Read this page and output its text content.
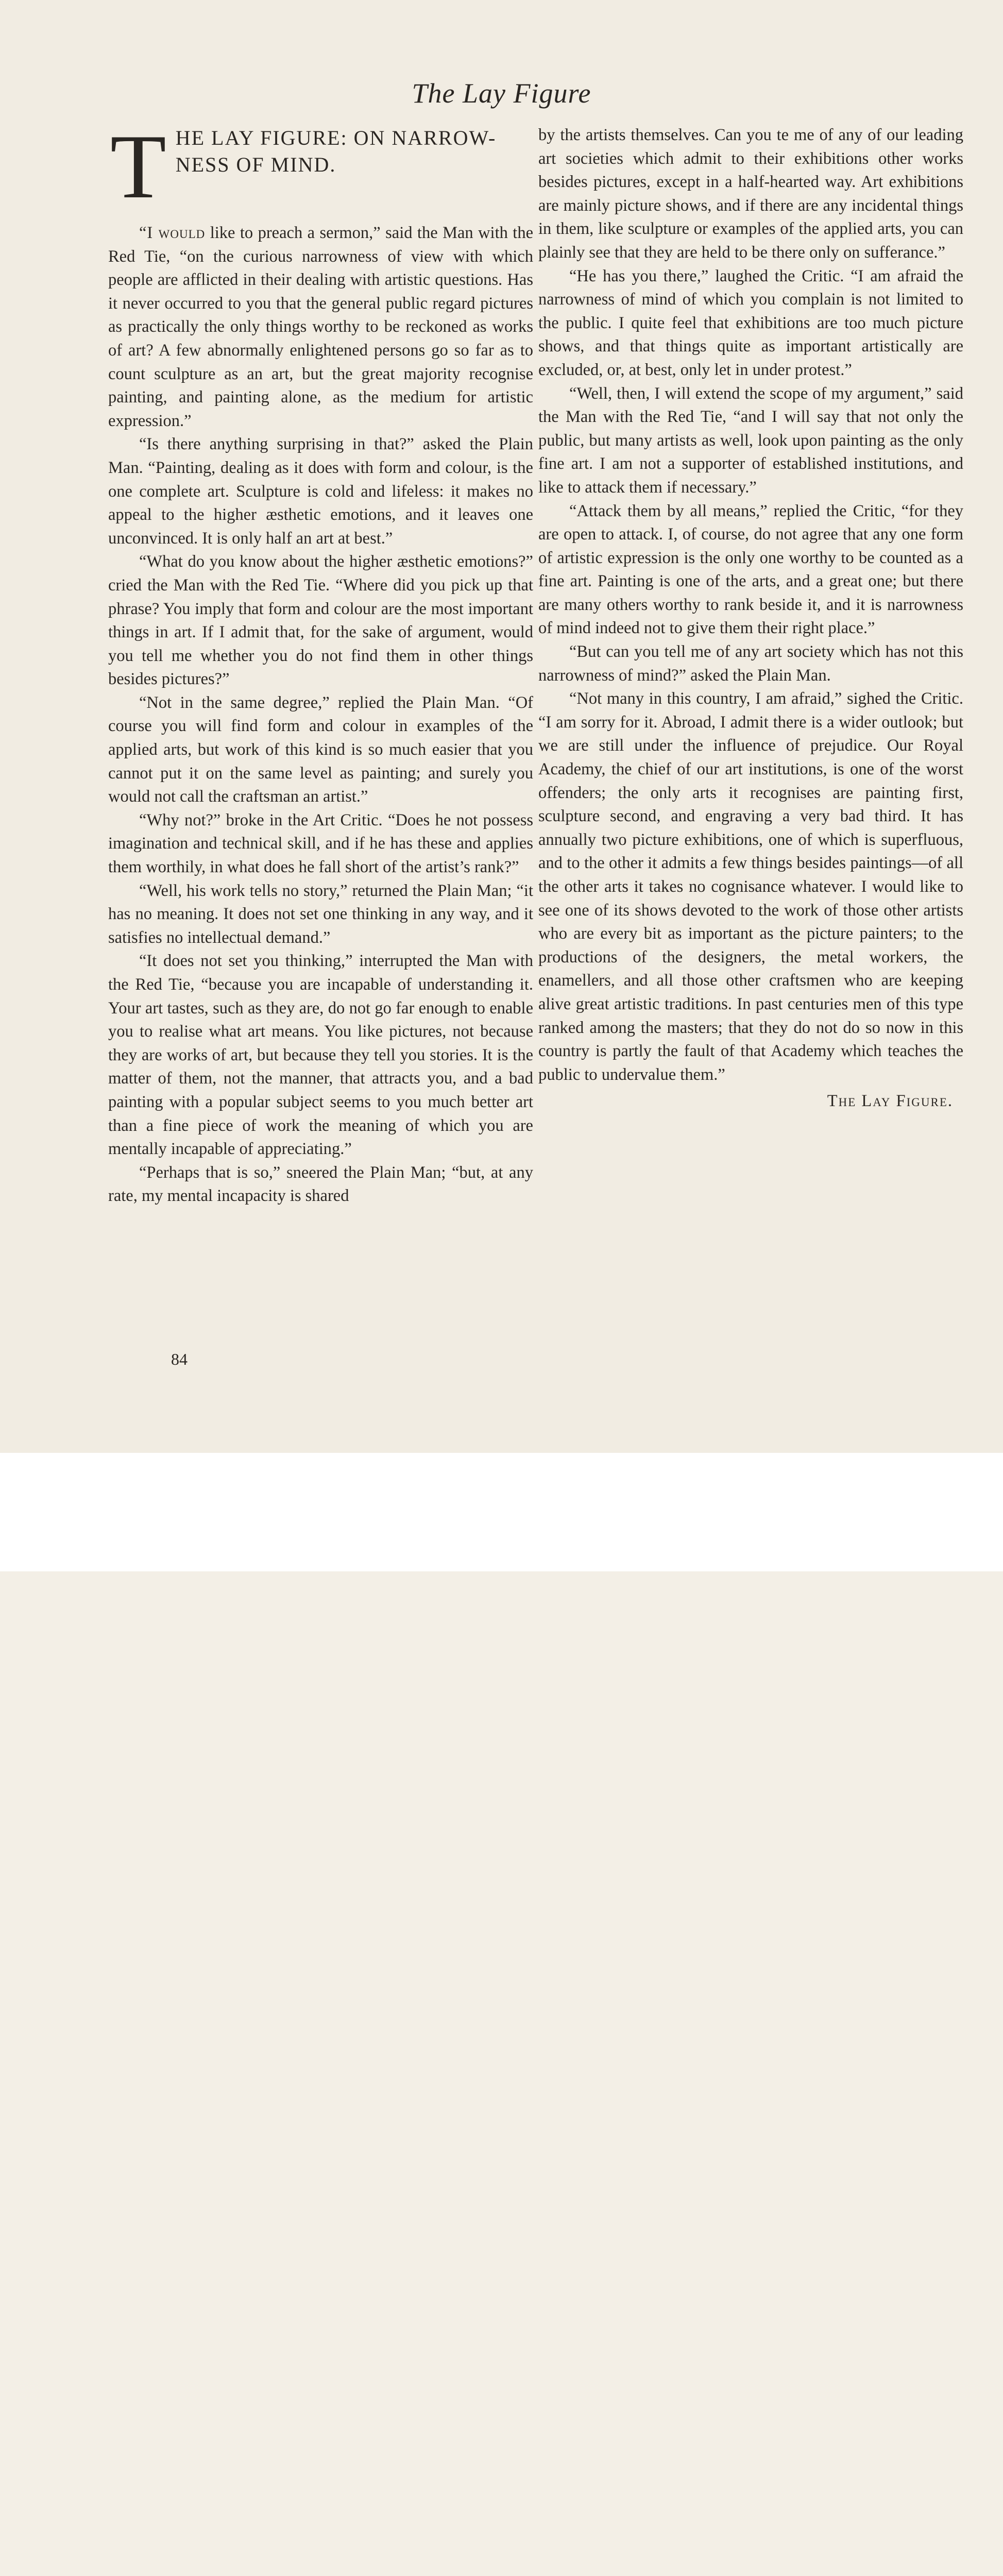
The Lay Figure
T HE LAY FIGURE: ON NARROW-NESS OF MIND.

“I would like to preach a sermon,” said the Man with the Red Tie, “on the curious narrowness of view with which people are afflicted in their dealing with artistic questions. Has it never occurred to you that the general public regard pictures as practically the only things worthy to be reckoned as works of art? A few abnormally enlightened persons go so far as to count sculpture as an art, but the great majority recognise painting, and painting alone, as the medium for artistic expression.”

“Is there anything surprising in that?” asked the Plain Man. “Painting, dealing as it does with form and colour, is the one complete art. Sculpture is cold and lifeless: it makes no appeal to the higher æsthetic emotions, and it leaves one unconvinced. It is only half an art at best.”

“What do you know about the higher æsthetic emotions?” cried the Man with the Red Tie. “Where did you pick up that phrase? You imply that form and colour are the most important things in art. If I admit that, for the sake of argument, would you tell me whether you do not find them in other things besides pictures?”

“Not in the same degree,” replied the Plain Man. “Of course you will find form and colour in examples of the applied arts, but work of this kind is so much easier that you cannot put it on the same level as painting; and surely you would not call the craftsman an artist.”

“Why not?” broke in the Art Critic. “Does he not possess imagination and technical skill, and if he has these and applies them worthily, in what does he fall short of the artist’s rank?”

“Well, his work tells no story,” returned the Plain Man; “it has no meaning. It does not set one thinking in any way, and it satisfies no intellectual demand.”

“It does not set you thinking,” interrupted the Man with the Red Tie, “because you are incapable of understanding it. Your art tastes, such as they are, do not go far enough to enable you to realise what art means. You like pictures, not because they are works of art, but because they tell you stories. It is the matter of them, not the manner, that attracts you, and a bad painting with a popular subject seems to you much better art than a fine piece of work the meaning of which you are mentally incapable of appreciating.”

“Perhaps that is so,” sneered the Plain Man; “but, at any rate, my mental incapacity is shared

by the artists themselves. Can you te me of any of our leading art societies which admit to their exhibitions other works besides pictures, except in a half-hearted way. Art exhibitions are mainly picture shows, and if there are any incidental things in them, like sculpture or examples of the applied arts, you can plainly see that they are held to be there only on sufferance.”

“He has you there,” laughed the Critic. “I am afraid the narrowness of mind of which you complain is not limited to the public. I quite feel that exhibitions are too much picture shows, and that things quite as important artistically are excluded, or, at best, only let in under protest.”

“Well, then, I will extend the scope of my argument,” said the Man with the Red Tie, “and I will say that not only the public, but many artists as well, look upon painting as the only fine art. I am not a supporter of established institutions, and like to attack them if necessary.”

“Attack them by all means,” replied the Critic, “for they are open to attack. I, of course, do not agree that any one form of artistic expression is the only one worthy to be counted as a fine art. Painting is one of the arts, and a great one; but there are many others worthy to rank beside it, and it is narrowness of mind indeed not to give them their right place.”

“But can you tell me of any art society which has not this narrowness of mind?” asked the Plain Man.

“Not many in this country, I am afraid,” sighed the Critic. “I am sorry for it. Abroad, I admit there is a wider outlook; but we are still under the influence of prejudice. Our Royal Academy, the chief of our art institutions, is one of the worst offenders; the only arts it recognises are painting first, sculpture second, and engraving a very bad third. It has annually two picture exhibitions, one of which is superfluous, and to the other it admits a few things besides paintings—of all the other arts it takes no cognisance whatever. I would like to see one of its shows devoted to the work of those other artists who are every bit as important as the picture painters; to the productions of the designers, the metal workers, the enamellers, and all those other craftsmen who are keeping alive great artistic traditions. In past centuries men of this type ranked among the masters; that they do not do so now in this country is partly the fault of that Academy which teaches the public to undervalue them.”

The Lay Figure.
84
